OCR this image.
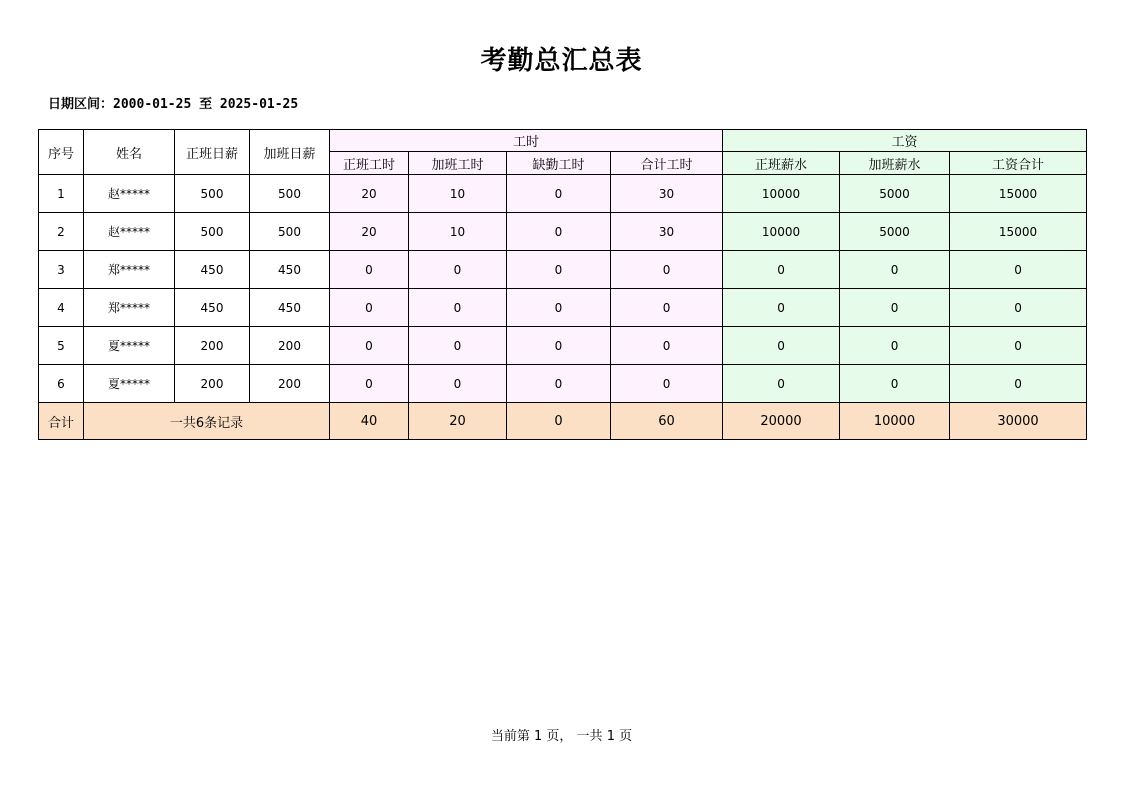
考勤总汇总表
日期区间：2000-01-25 至 2025-01-25
序号	姓名	正班日薪	加班日薪	工时				工资		
				正班工时	加班工时	缺勤工时	合计工时	正班薪水	加班薪水	工资合计
1	赵*****	500	500	20	10	0	30	10000	5000	15000
2	赵*****	500	500	20	10	0	30	10000	5000	15000
3	郑*****	450	450	0	0	0	0	0	0	0
4	郑*****	450	450	0	0	0	0	0	0	0
5	夏*****	200	200	0	0	0	0	0	0	0
6	夏*****	200	200	0	0	0	0	0	0	0
合计	一共6条记录			40	20	0	60	20000	10000	30000
当前第 1 页， 一共 1 页
